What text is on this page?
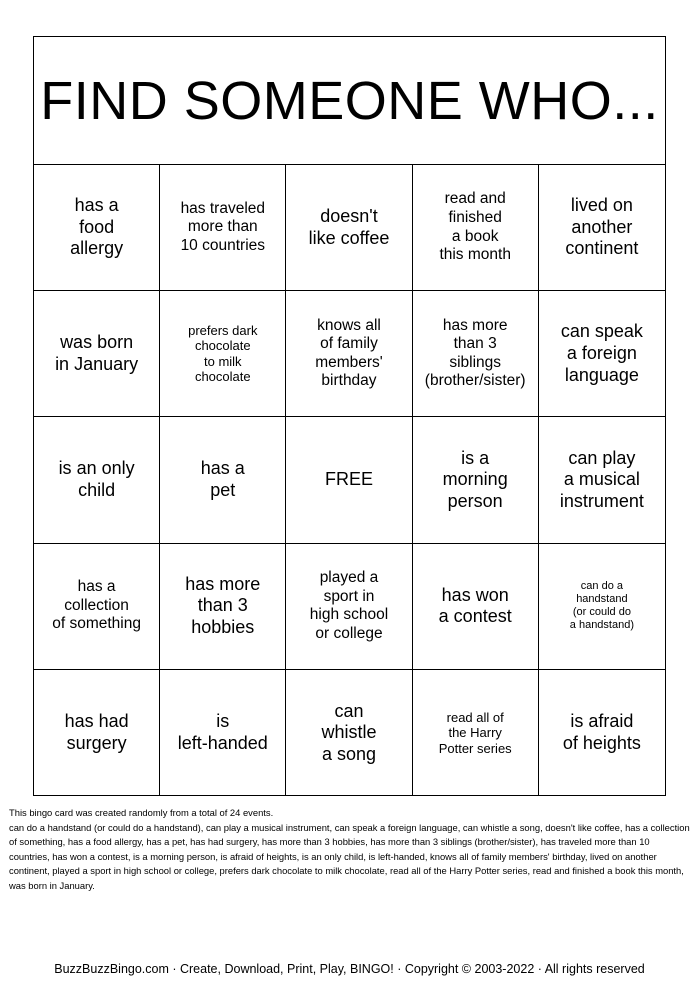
FIND SOMEONE WHO...
has a
food
allergy
has traveled
more than
10 countries
doesn't
like coffee
read and
finished
a book
this month
lived on
another
continent
was born
in January
prefers dark
chocolate
to milk
chocolate
knows all
of family
members'
birthday
has more
than 3
siblings
(brother/sister)
can speak
a foreign
language
is an only
child
has a
pet
FREE
is a
morning
person
can play
a musical
instrument
has a
collection
of something
has more
than 3
hobbies
played a
sport in
high school
or college
has won
a contest
can do a
handstand
(or could do
a handstand)
has had
surgery
is
left-handed
can
whistle
a song
read all of
the Harry
Potter series
is afraid
of heights
This bingo card was created randomly from a total of 24 events.
can do a handstand (or could do a handstand), can play a musical instrument, can speak a foreign language, can whistle a song, doesn't like coffee, has a collection of something, has a food allergy, has a pet, has had surgery, has more than 3 hobbies, has more than 3 siblings (brother/sister), has traveled more than 10 countries, has won a contest, is a morning person, is afraid of heights, is an only child, is left-handed, knows all of family members' birthday, lived on another continent, played a sport in high school or college, prefers dark chocolate to milk chocolate, read all of the Harry Potter series, read and finished a book this month, was born in January.
BuzzBuzzBingo.com · Create, Download, Print, Play, BINGO! · Copyright © 2003-2022 · All rights reserved
